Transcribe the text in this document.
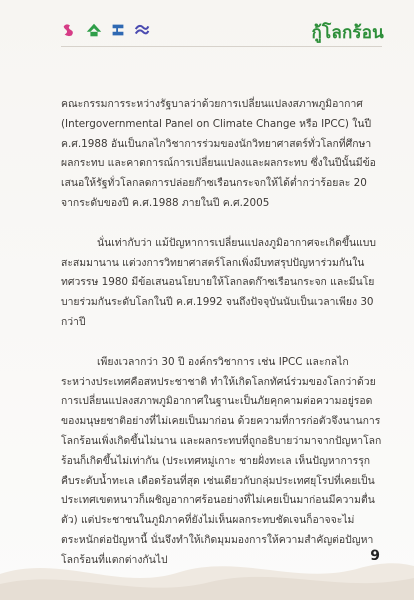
กู้โลกร้อน

คณะกรรมการระหว่างรัฐบาลว่าด้วยการเปลี่ยนแปลงสภาพภูมิอากาศ (Intergovernmental Panel on Climate Change หรือ IPCC) ในปี ค.ศ.1988 อันเป็นกลไกวิชาการร่วมของนักวิทยาศาสตร์ทั่วโลกที่ศึกษาผลกระทบ และคาดการณ์การเปลี่ยนแปลงและผลกระทบ ซึ่งในปีนั้นมีข้อเสนอให้รัฐทั่วโลกลดการปล่อยก๊าซเรือนกระจกให้ได้ต่ำกว่าร้อยละ 20 จากระดับของปี ค.ศ.1988 ภายในปี ค.ศ.2005

นั่นเท่ากับว่า แม้ปัญหาการเปลี่ยนแปลงภูมิอากาศจะเกิดขึ้นแบบสะสมมานาน แต่วงการวิทยาศาสตร์โลกเพิ่งมีบทสรุปปัญหาร่วมกันในทศวรรษ 1980 มีข้อเสนอนโยบายให้โลกลดก๊าซเรือนกระจก และมีนโยบายร่วมกันระดับโลกในปี ค.ศ.1992 จนถึงปัจจุบันนับเป็นเวลาเพียง 30 กว่าปี

เพียงเวลากว่า 30 ปี องค์กรวิชาการ เช่น IPCC และกลไกระหว่างประเทศคือสหประชาชาติ ทำให้เกิดโลกทัศน์ร่วมของโลกว่าด้วยการเปลี่ยนแปลงสภาพภูมิอากาศในฐานะเป็นภัยคุกคามต่อความอยู่รอดของมนุษยชาติอย่างที่ไม่เคยเป็นมาก่อน ด้วยความที่การก่อตัวจึงนานการโลกร้อนเพิ่งเกิดขึ้นไม่นาน และผลกระทบที่ถูกอธิบายว่ามาจากปัญหาโลกร้อนก็เกิดขึ้นไม่เท่ากัน (ประเทศหมู่เกาะ ชายฝั่งทะเล เห็นปัญหาการรุกคืบระดับน้ำทะเล เดือดร้อนที่สุด เช่นเดียวกับกลุ่มประเทศยุโรปที่เคยเป็นประเทศเขตหนาวก็เผชิญอากาศร้อนอย่างที่ไม่เคยเป็นมาก่อนมีความตื่นตัว) แต่ประชาชนในภูมิภาคที่ยังไม่เห็นผลกระทบชัดเจนก็อาจจะไม่ตระหนักต่อปัญหานี้ นั่นจึงทำให้เกิดมุมมองการให้ความสำคัญต่อปัญหาโลกร้อนที่แตกต่างกันไป	9
